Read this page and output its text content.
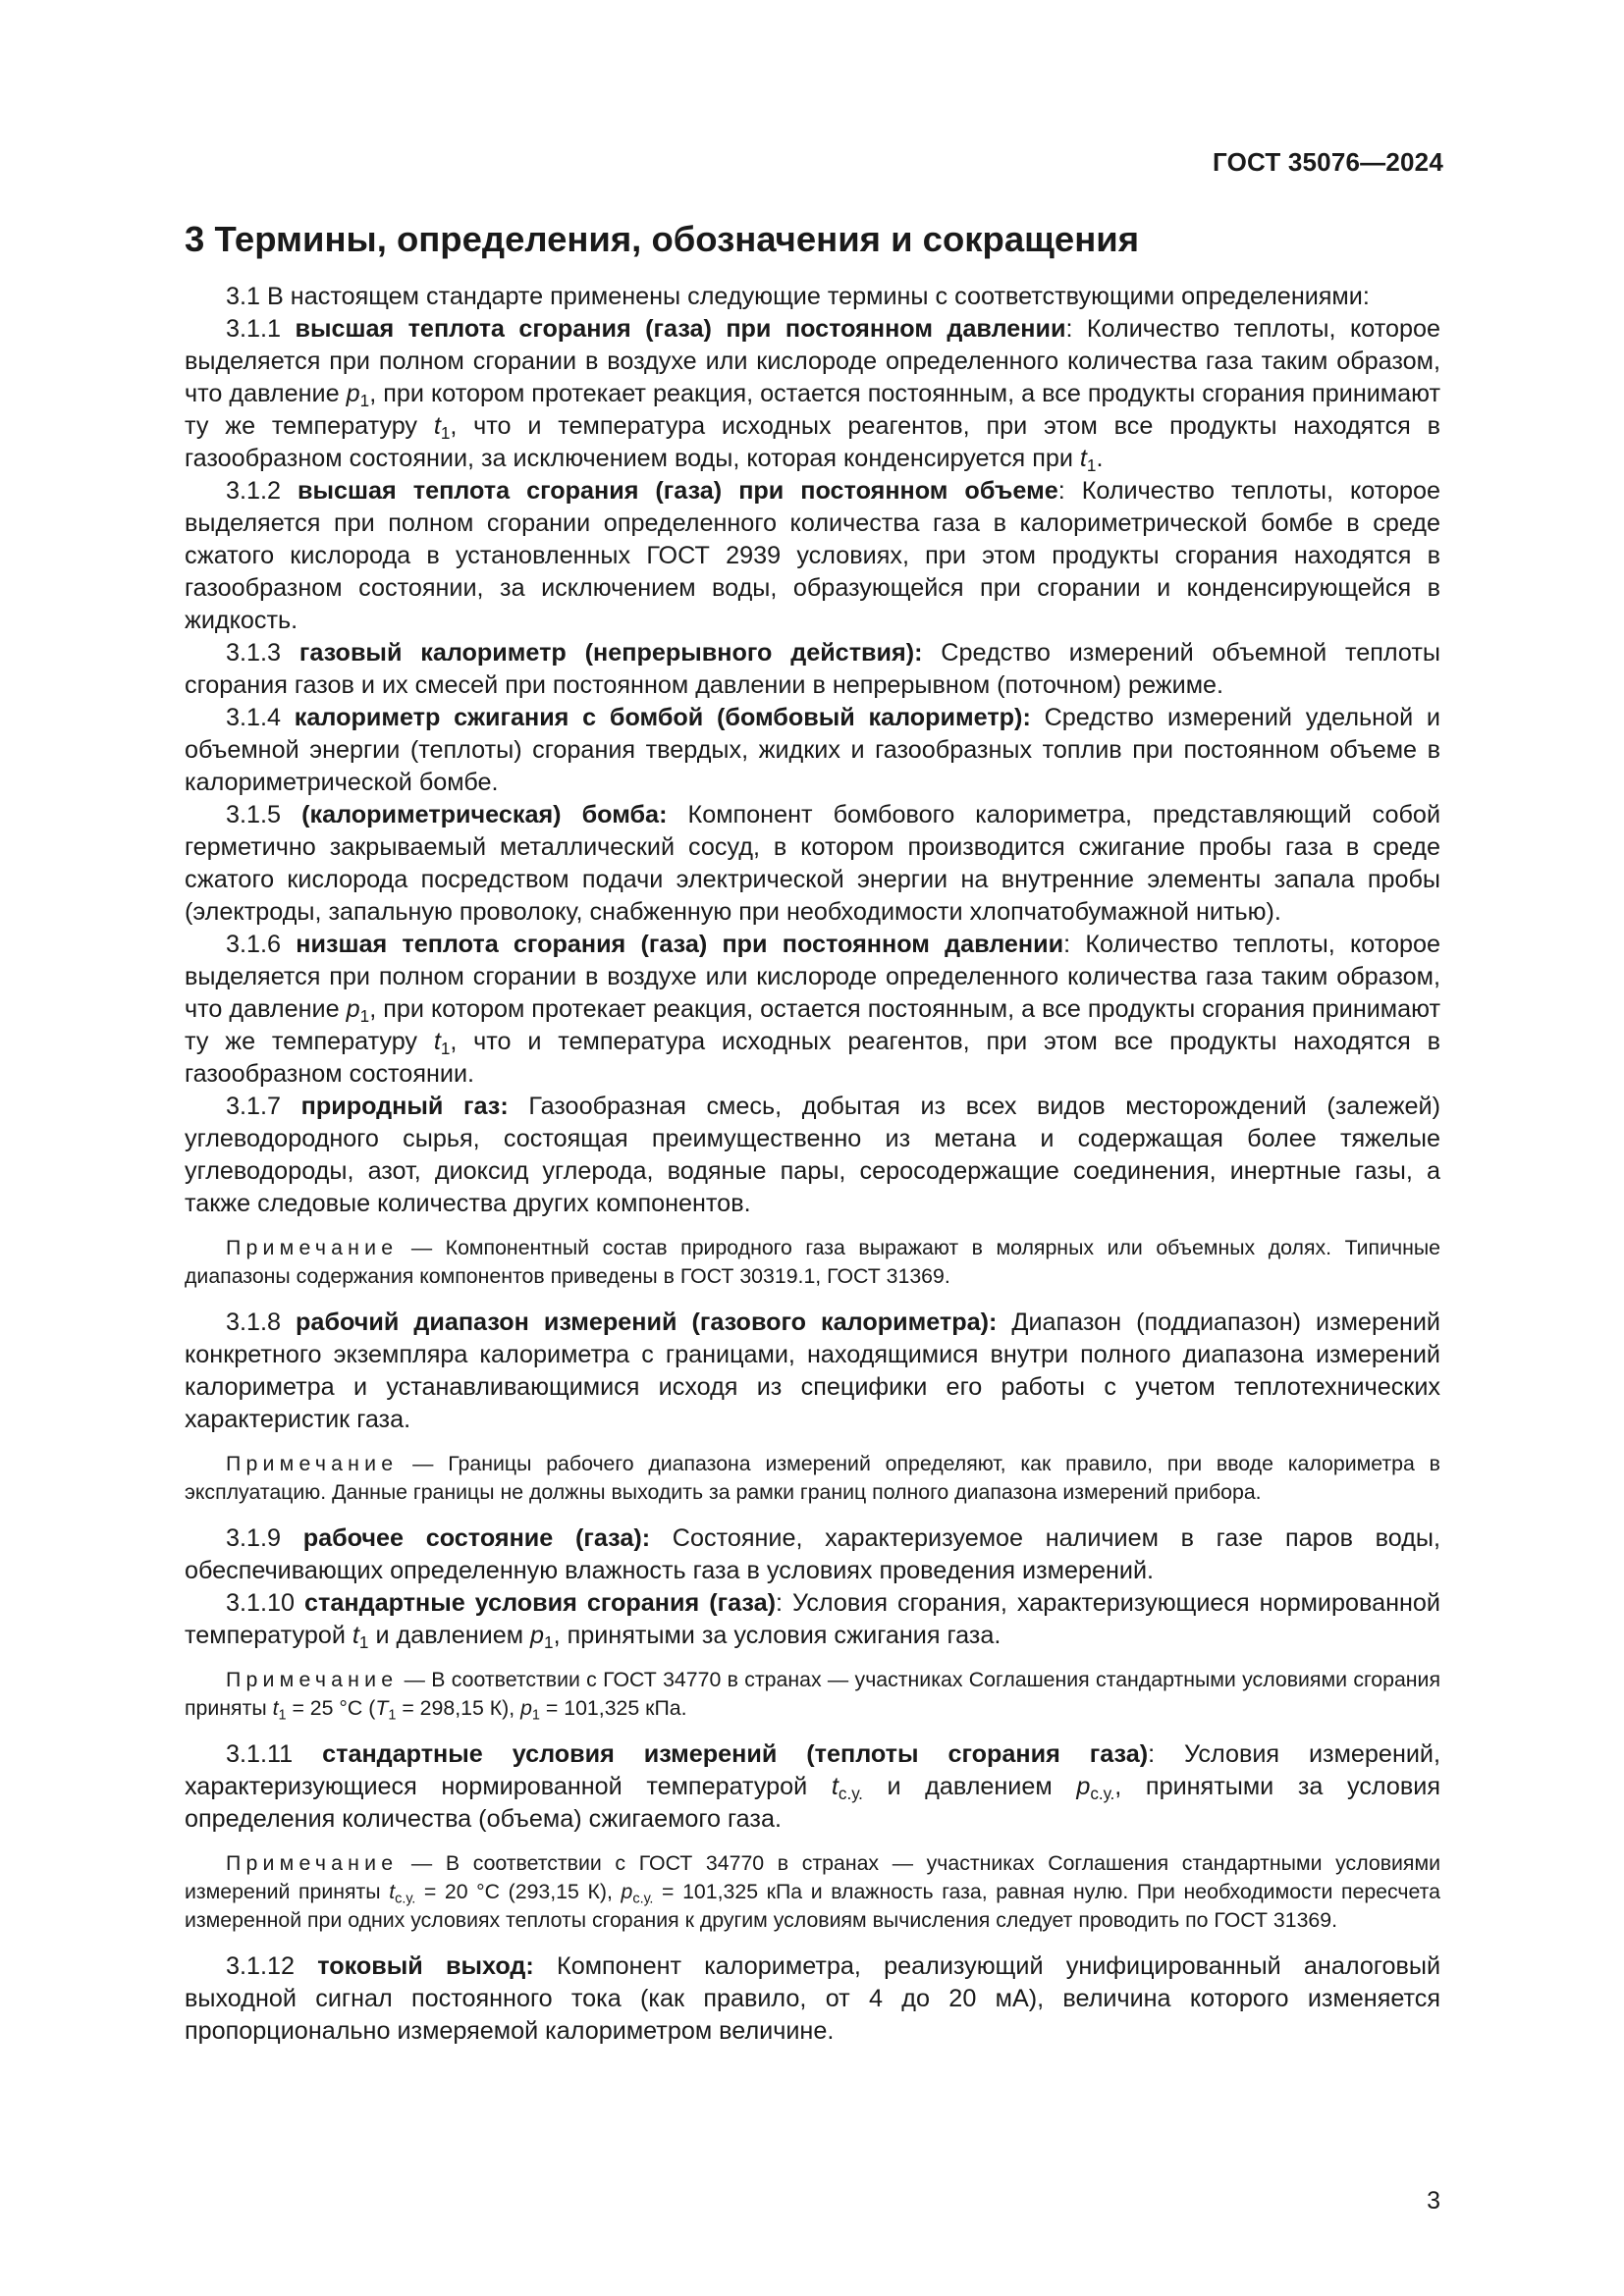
ГОСТ 35076—2024
3 Термины, определения, обозначения и сокращения

3.1 В настоящем стандарте применены следующие термины с соответствующими определениями:

3.1.1 высшая теплота сгорания (газа) при постоянном давлении: Количество теплоты, которое выделяется при полном сгорании в воздухе или кислороде определенного количества газа таким образом, что давление $p_1$, при котором протекает реакция, остается постоянным, а все продукты сгорания принимают ту же температуру $t_1$, что и температура исходных реагентов, при этом все продукты находятся в газообразном состоянии, за исключением воды, которая конденсируется при $t_1$.

3.1.2 высшая теплота сгорания (газа) при постоянном объеме: Количество теплоты, которое выделяется при полном сгорании определенного количества газа в калориметрической бомбе в среде сжатого кислорода в установленных ГОСТ 2939 условиях, при этом продукты сгорания находятся в газообразном состоянии, за исключением воды, образующейся при сгорании и конденсирующейся в жидкость.

3.1.3 газовый калориметр (непрерывного действия): Средство измерений объемной теплоты сгорания газов и их смесей при постоянном давлении в непрерывном (поточном) режиме.

3.1.4 калориметр сжигания с бомбой (бомбовый калориметр): Средство измерений удельной и объемной энергии (теплоты) сгорания твердых, жидких и газообразных топлив при постоянном объеме в калориметрической бомбе.

3.1.5 (калориметрическая) бомба: Компонент бомбового калориметра, представляющий собой герметично закрываемый металлический сосуд, в котором производится сжигание пробы газа в среде сжатого кислорода посредством подачи электрической энергии на внутренние элементы запала пробы (электроды, запальную проволоку, снабженную при необходимости хлопчатобумажной нитью).

3.1.6 низшая теплота сгорания (газа) при постоянном давлении: Количество теплоты, которое выделяется при полном сгорании в воздухе или кислороде определенного количества газа таким образом, что давление $p_1$, при котором протекает реакция, остается постоянным, а все продукты сгорания принимают ту же температуру $t_1$, что и температура исходных реагентов, при этом все продукты находятся в газообразном состоянии.

3.1.7 природный газ: Газообразная смесь, добытая из всех видов месторождений (залежей) углеводородного сырья, состоящая преимущественно из метана и содержащая более тяжелые углеводороды, азот, диоксид углерода, водяные пары, серосодержащие соединения, инертные газы, а также следовые количества других компонентов.

Примечание — Компонентный состав природного газа выражают в молярных или объемных долях. Типичные диапазоны содержания компонентов приведены в ГОСТ 30319.1, ГОСТ 31369.

3.1.8 рабочий диапазон измерений (газового калориметра): Диапазон (поддиапазон) измерений конкретного экземпляра калориметра с границами, находящимися внутри полного диапазона измерений калориметра и устанавливающимися исходя из специфики его работы с учетом теплотехнических характеристик газа.

Примечание — Границы рабочего диапазона измерений определяют, как правило, при вводе калориметра в эксплуатацию. Данные границы не должны выходить за рамки границ полного диапазона измерений прибора.

3.1.9 рабочее состояние (газа): Состояние, характеризуемое наличием в газе паров воды, обеспечивающих определенную влажность газа в условиях проведения измерений.

3.1.10 стандартные условия сгорания (газа): Условия сгорания, характеризующиеся нормированной температурой $t_1$ и давлением $p_1$, принятыми за условия сжигания газа.

Примечание — В соответствии с ГОСТ 34770 в странах — участниках Соглашения стандартными условиями сгорания приняты $t_1 = 25$ °С ($T_1 = 298,15$ К), $p_1 = 101,325$ кПа.

3.1.11 стандартные условия измерений (теплоты сгорания газа): Условия измерений, характеризующиеся нормированной температурой $t_{с.у.}$ и давлением $p_{с.у.}$, принятыми за условия определения количества (объема) сжигаемого газа.

Примечание — В соответствии с ГОСТ 34770 в странах — участниках Соглашения стандартными условиями измерений приняты $t_{с.у.} = 20$ °С (293,15 К), $p_{с.у.} = 101,325$ кПа и влажность газа, равная нулю. При необходимости пересчета измеренной при одних условиях теплоты сгорания к другим условиям вычисления следует проводить по ГОСТ 31369.

3.1.12 токовый выход: Компонент калориметра, реализующий унифицированный аналоговый выходной сигнал постоянного тока (как правило, от 4 до 20 мА), величина которого изменяется пропорционально измеряемой калориметром величине.

3
